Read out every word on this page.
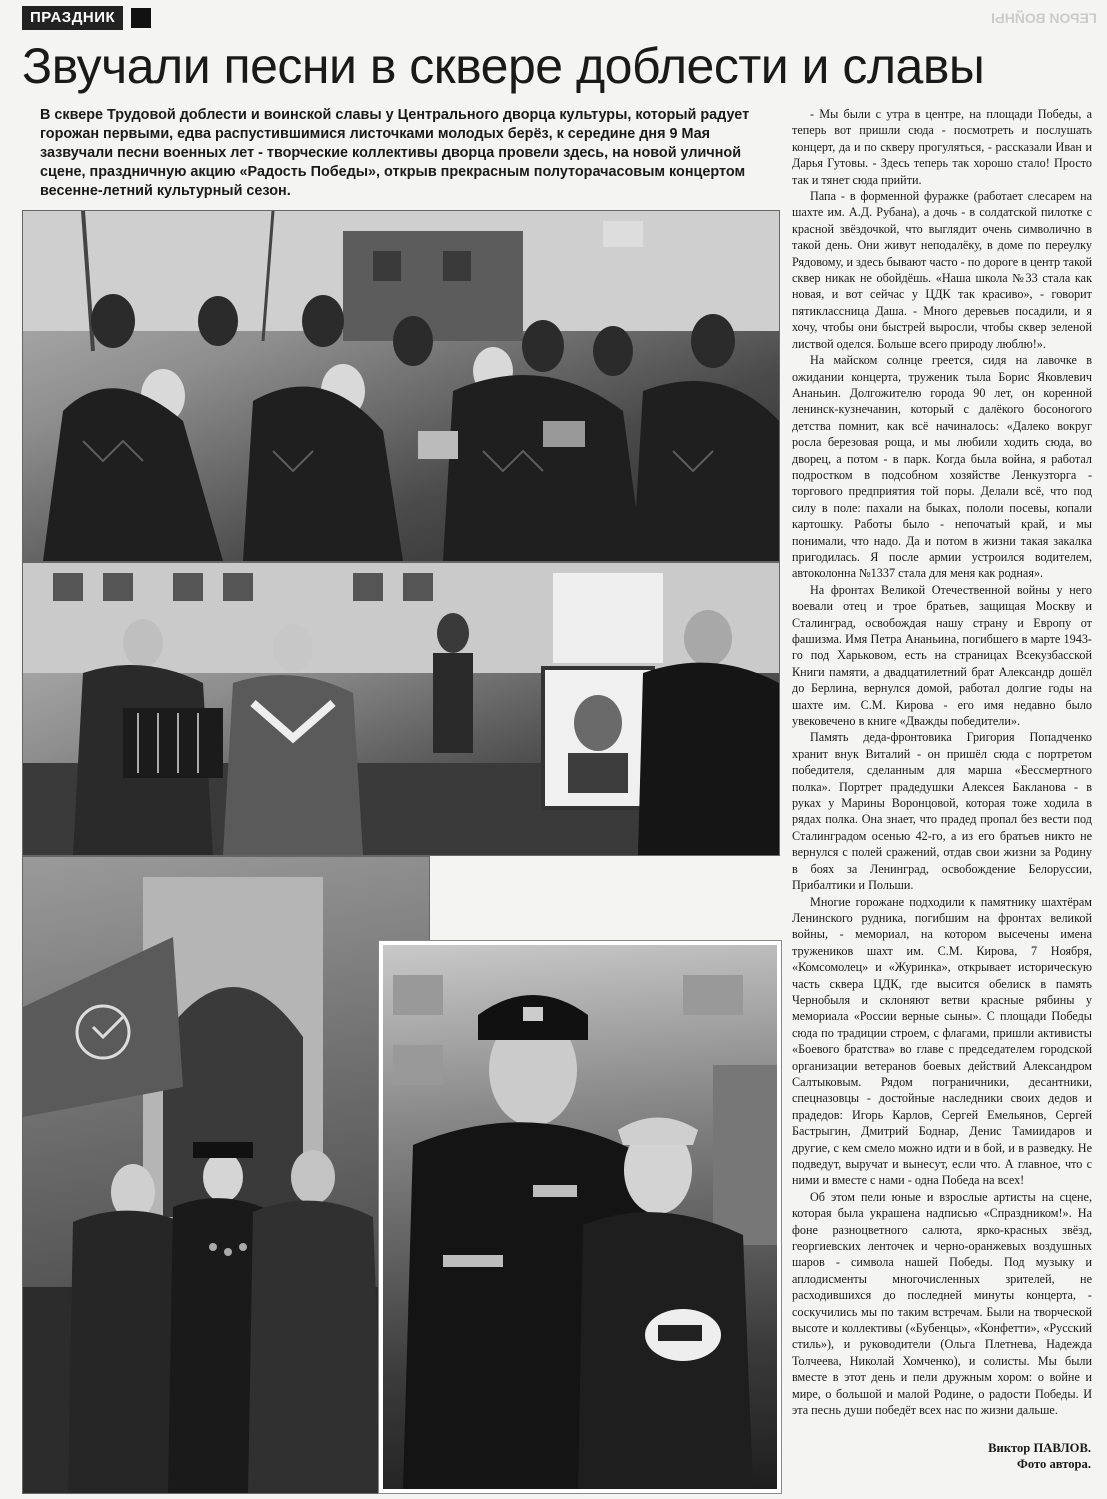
ПРАЗДНИК	ГЕРОИ ВОЙНЫ
Звучали песни в сквере доблести и славы

В сквере Трудовой доблести и воинской славы у Центрального дворца культуры, который радует горожан первыми, едва распустившимися листочками молодых берёз, к середине дня 9 Мая зазвучали песни военных лет - творческие коллективы дворца провели здесь, на новой уличной сцене, праздничную акцию «Радость Победы», открыв прекрасным полуторачасовым концертом весенне-летний культурный сезон.

- Мы были с утра в центре, на площади Победы, а теперь вот пришли сюда - посмотреть и послушать концерт, да и по скверу прогуляться, - рассказали Иван и Дарья Гутовы. - Здесь теперь так хорошо стало! Просто так и тянет сюда прийти.

Папа - в форменной фуражке (работает слесарем на шахте им. А.Д. Рубана), а дочь - в солдатской пилотке с красной звёздочкой, что выглядит очень символично в такой день. Они живут неподалёку, в доме по переулку Рядовому, и здесь бывают часто - по дороге в центр такой сквер никак не обойдёшь. «Наша школа №33 стала как новая, и вот сейчас у ЦДК так красиво», - говорит пятиклассница Даша. - Много деревьев посадили, и я хочу, чтобы они быстрей выросли, чтобы сквер зеленой листвой оделся. Больше всего природу люблю!».

На майском солнце греется, сидя на лавочке в ожидании концерта, труженик тыла Борис Яковлевич Ананьин. Долгожителю города 90 лет, он коренной ленинск-кузнечанин, который с далёкого босоногого детства помнит, как всё начиналось: «Далеко вокруг росла березовая роща, и мы любили ходить сюда, во дворец, а потом - в парк. Когда была война, я работал подростком в подсобном хозяйстве Ленкузторга - торгового предприятия той поры. Делали всё, что под силу в поле: пахали на быках, пололи посевы, копали картошку. Работы было - непочатый край, и мы понимали, что надо. Да и потом в жизни такая закалка пригодилась. Я после армии устроился водителем, автоколонна №1337 стала для меня как родная».

На фронтах Великой Отечественной войны у него воевали отец и трое братьев, защищая Москву и Сталинград, освобождая нашу страну и Европу от фашизма. Имя Петра Ананьина, погибшего в марте 1943-го под Харьковом, есть на страницах Всекузбасской Книги памяти, а двадцатилетний брат Александр дошёл до Берлина, вернулся домой, работал долгие годы на шахте им. С.М. Кирова - его имя недавно было увековечено в книге «Дважды победители».

Память деда-фронтовика Григория Попадченко хранит внук Виталий - он пришёл сюда с портретом победителя, сделанным для марша «Бессмертного полка». Портрет прадедушки Алексея Бакланова - в руках у Марины Воронцовой, которая тоже ходила в рядах полка. Она знает, что прадед пропал без вести под Сталинградом осенью 42-го, а из его братьев никто не вернулся с полей сражений, отдав свои жизни за Родину в боях за Ленинград, освобождение Белоруссии, Прибалтики и Польши.

Многие горожане подходили к памятнику шахтёрам Ленинского рудника, погибшим на фронтах великой войны, - мемориал, на котором высечены имена тружеников шахт им. С.М. Кирова, 7 Ноября, «Комсомолец» и «Журинка», открывает историческую часть сквера ЦДК, где высится обелиск в память Чернобыля и склоняют ветви красные рябины у мемориала «России верные сыны». С площади Победы сюда по традиции строем, с флагами, пришли активисты «Боевого братства» во главе с председателем городской организации ветеранов боевых действий Александром Салтыковым. Рядом пограничники, десантники, спецназовцы - достойные наследники своих дедов и прадедов: Игорь Карлов, Сергей Емельянов, Сергей Бастрыгин, Дмитрий Боднар, Денис Тамиидаров и другие, с кем смело можно идти и в бой, и в разведку. Не подведут, выручат и вынесут, если что. А главное, что с ними и вместе с нами - одна Победа на всех!

Об этом пели юные и взрослые артисты на сцене, которая была украшена надписью «Спраздником!». На фоне разноцветного салюта, ярко-красных звёзд, георгиевских ленточек и черно-оранжевых воздушных шаров - символа нашей Победы. Под музыку и аплодисменты многочисленных зрителей, не расходившихся до последней минуты концерта, - соскучились мы по таким встречам. Были на творческой высоте и коллективы («Бубенцы», «Конфетти», «Русский стиль»), и руководители (Ольга Плетнева, Надежда Толчеева, Николай Хомченко), и солисты. Мы были вместе в этот день и пели дружным хором: о войне и мире, о большой и малой Родине, о радости Победы. И эта песнь души победёт всех нас по жизни дальше.

Виктор ПАВЛОВ.
Фото автора.
